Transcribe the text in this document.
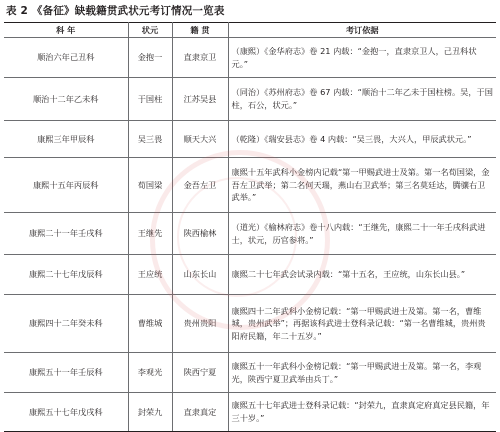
表 2 《备征》缺载籍贯武状元考订情况一览表
科 年	状元	籍 贯	考订依据
顺治六年己丑科	金抱一	直隶京卫	（康熙）《金华府志》卷 21 内载：“金抱一，直隶京卫人，己丑科状元。”
顺治十二年乙未科	于国柱	江苏吴县	（同治）《苏州府志》卷 67 内载：“顺治十二年乙未于国柱榜。吴，于国柱，石公，状元。”
康熙三年甲辰科	吴三畏	顺天大兴	（乾隆）《瑞安县志》卷 4 内载：“吴三畏，大兴人，甲辰武状元。”
康熙十五年丙辰科	荀国梁	金吾左卫	康熙十五年武科小金榜内记载“第一甲赐武进士及第。第一名荀国梁，金吾左卫武举；第二名何天瑞，燕山右卫武举；第三名莫廷达，腾骧右卫武举。”
康熙二十一年壬戌科	王继先	陕西榆林	（道光）《榆林府志》卷十八内载：“王继先，康熙二十一年壬戌科武进士，状元，历官参将。”
康熙二十七年戊辰科	王应统	山东长山	康熙二十七年武会试录内载：“第十五名，王应统，山东长山县。”
康熙四十二年癸未科	曹维城	贵州贵阳	康熙四十二年武科小金榜记载：“第一甲赐武进士及第。第一名，曹维城，贵州武举”；再据该科武进士登科录记载：“第一名曹维城，贵州贵阳府民籍，年二十五岁。”
康熙五十一年壬辰科	李观光	陕西宁夏	康熙五十一年武科小金榜记载：“第一甲赐武进士及第。第一名，李观光，陕西宁夏卫武举由兵丁。”
康熙五十七年戊戌科	封荣九	直隶真定	康熙五十七年武进士登科录记载：“封荣九，直隶真定府真定县民籍，年三十岁。”
